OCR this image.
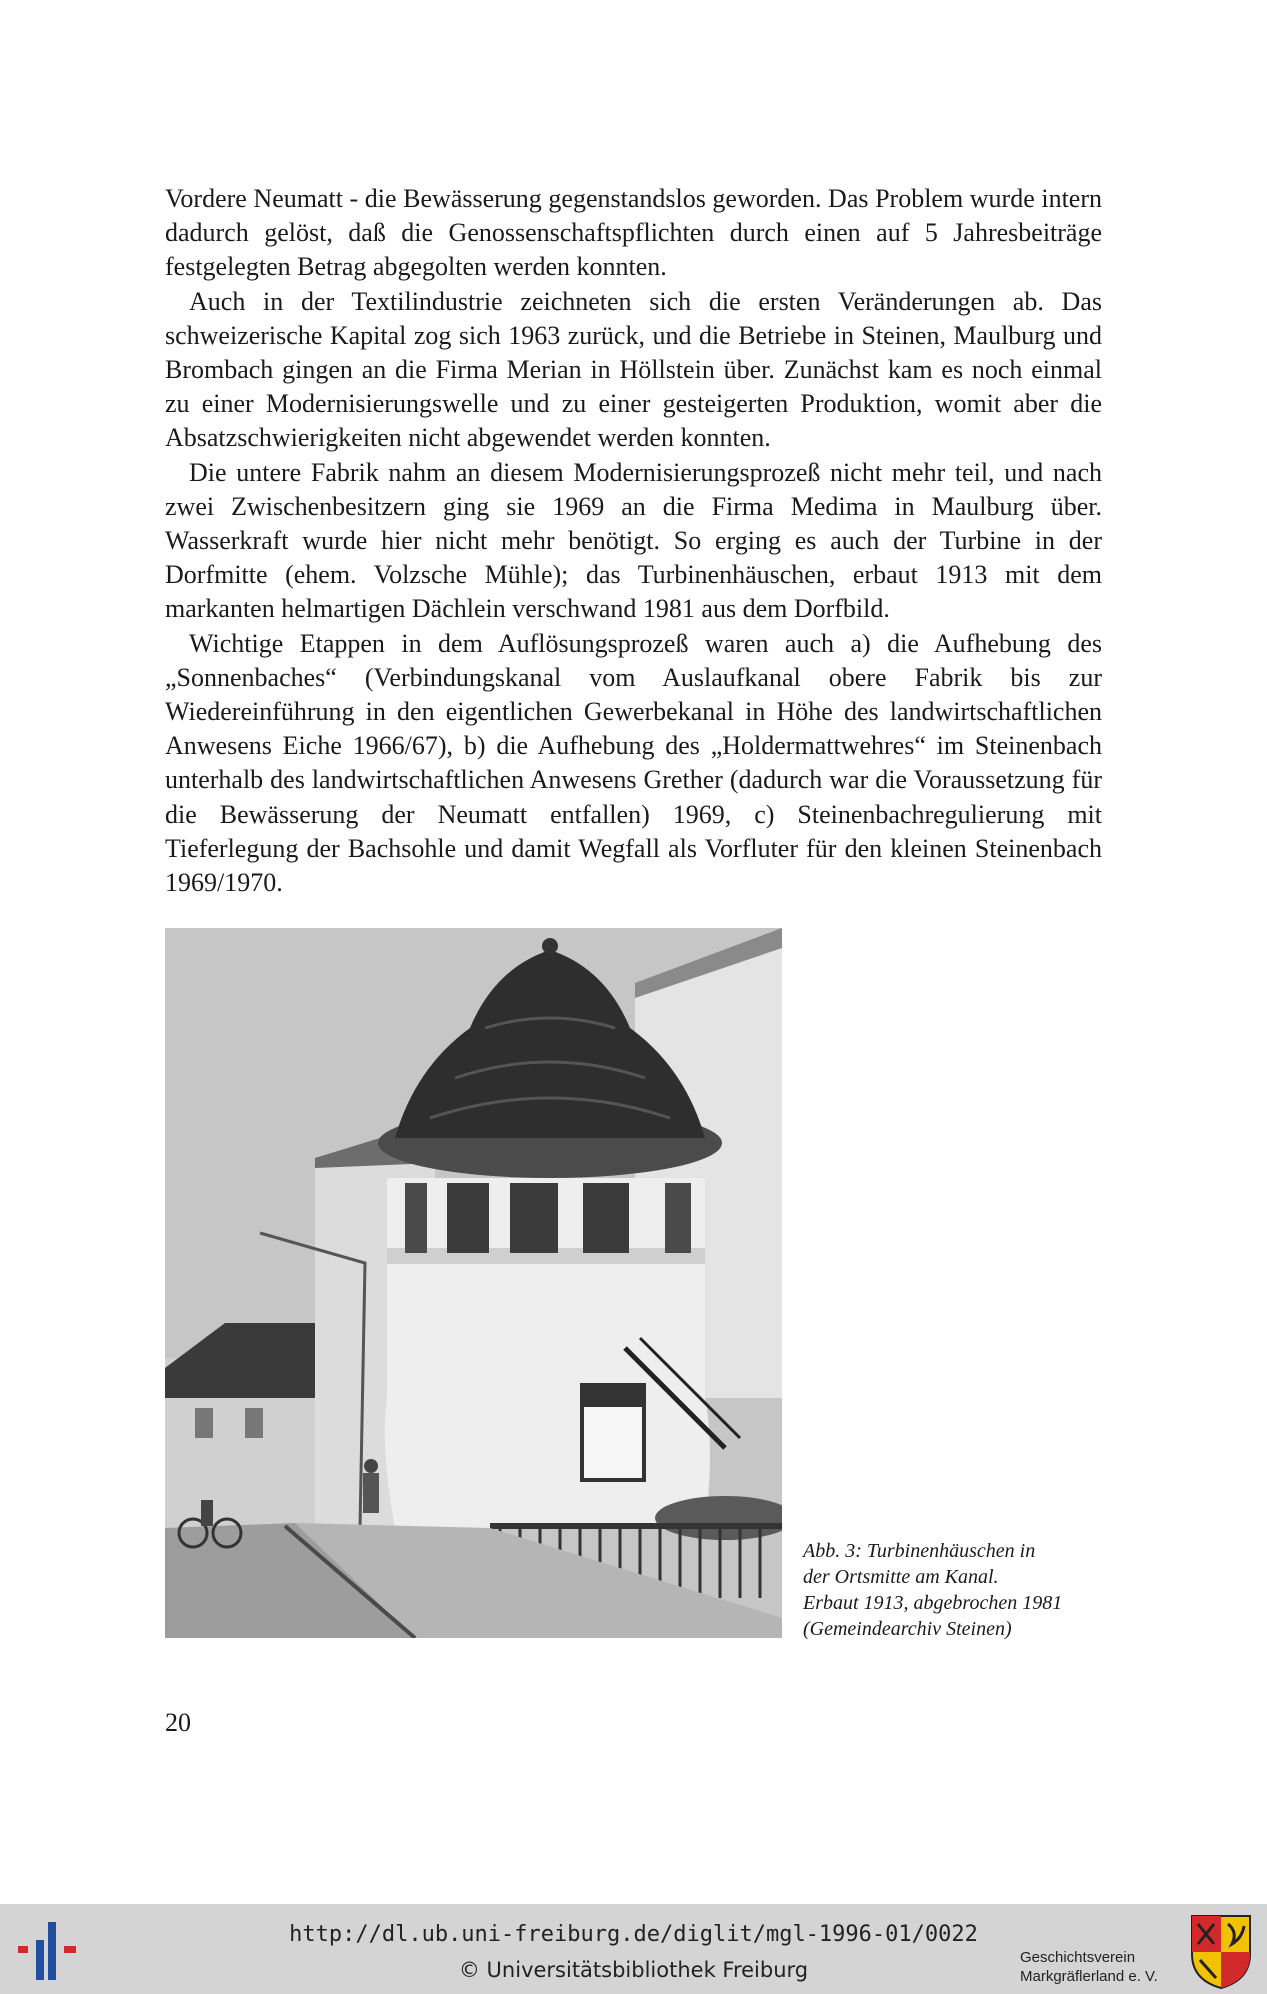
Vordere Neumatt - die Bewässerung gegenstandslos geworden. Das Problem wurde intern dadurch gelöst, daß die Genossenschaftspflichten durch einen auf 5 Jahresbeiträge festgelegten Betrag abgegolten werden konnten.

Auch in der Textilindustrie zeichneten sich die ersten Veränderungen ab. Das schweizerische Kapital zog sich 1963 zurück, und die Betriebe in Steinen, Maulburg und Brombach gingen an die Firma Merian in Höllstein über. Zunächst kam es noch einmal zu einer Modernisierungswelle und zu einer gesteigerten Produktion, womit aber die Absatzschwierigkeiten nicht abgewendet werden konnten.

Die untere Fabrik nahm an diesem Modernisierungsprozeß nicht mehr teil, und nach zwei Zwischenbesitzern ging sie 1969 an die Firma Medima in Maulburg über. Wasserkraft wurde hier nicht mehr benötigt. So erging es auch der Turbine in der Dorfmitte (ehem. Volzsche Mühle); das Turbinenhäuschen, erbaut 1913 mit dem markanten helmartigen Dächlein verschwand 1981 aus dem Dorfbild.

Wichtige Etappen in dem Auflösungsprozeß waren auch a) die Aufhebung des „Sonnenbaches“ (Verbindungskanal vom Auslaufkanal obere Fabrik bis zur Wiedereinführung in den eigentlichen Gewerbekanal in Höhe des landwirtschaftlichen Anwesens Eiche 1966/67), b) die Aufhebung des „Holdermattwehres“ im Steinenbach unterhalb des landwirtschaftlichen Anwesens Grether (dadurch war die Voraussetzung für die Bewässerung der Neumatt entfallen) 1969, c) Steinenbachregulierung mit Tieferlegung der Bachsohle und damit Wegfall als Vorfluter für den kleinen Steinenbach 1969/1970.

Abb. 3: Turbinenhäuschen in
der Ortsmitte am Kanal.
Erbaut 1913, abgebrochen 1981
(Gemeindearchiv Steinen)
20
http://dl.ub.uni-freiburg.de/diglit/mgl-1996-01/0022
© Universitätsbibliothek Freiburg
Geschichtsverein
Markgräflerland e. V.
